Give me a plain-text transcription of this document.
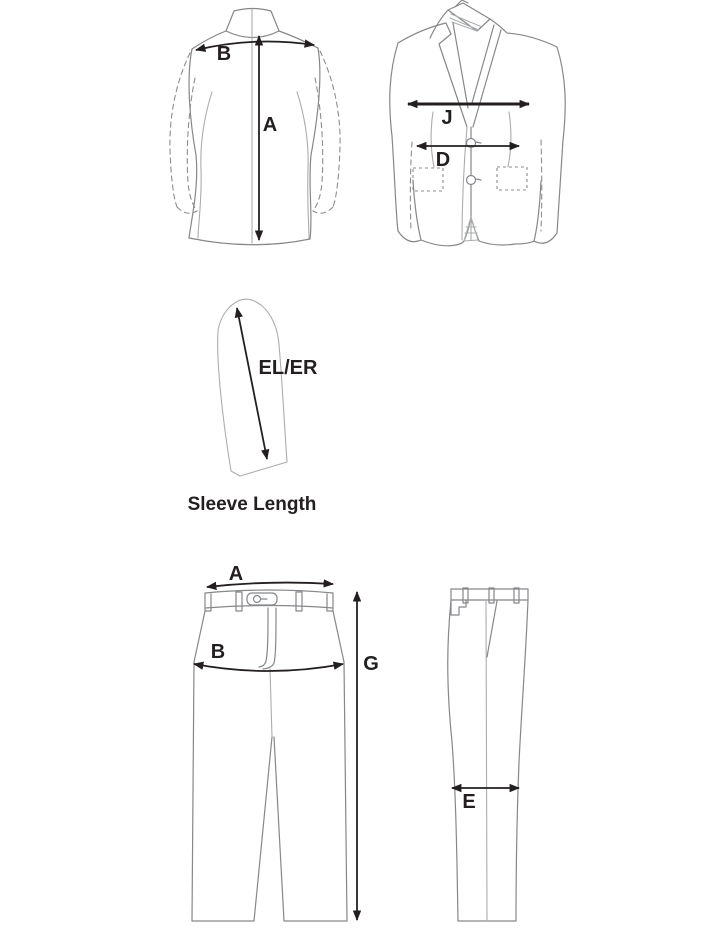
B
A	J
D
EL/ER
Sleeve Length
A
B
G
E
